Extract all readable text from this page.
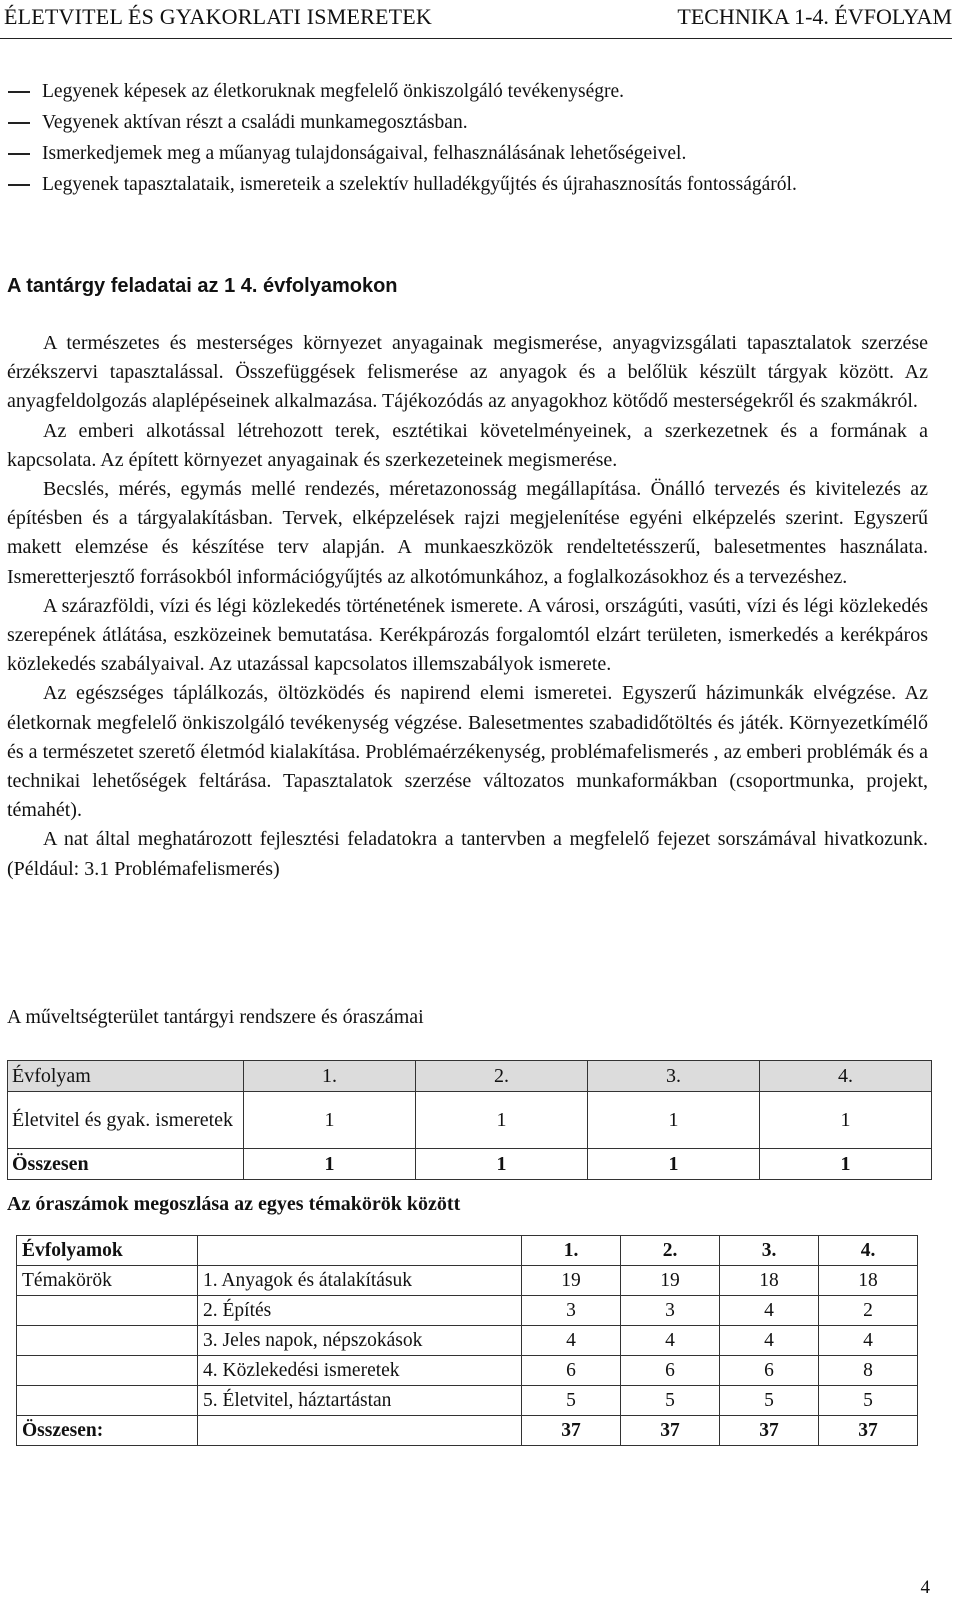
ÉLETVITEL ÉS GYAKORLATI ISMERETEK	TECHNIKA 1-4. ÉVFOLYAM
Legyenek képesek az életkoruknak megfelelő önkiszolgáló tevékenységre.
Vegyenek aktívan részt a családi munkamegosztásban.
Ismerkedjemek meg a műanyag tulajdonságaival, felhasználásának lehetőségeivel.
Legyenek tapasztalataik, ismereteik a szelektív hulladékgyűjtés és újrahasznosítás fontosságáról.
A tantárgy feladatai az 1 4. évfolyamokon

A természetes és mesterséges környezet anyagainak megismerése, anyagvizsgálati tapasztalatok szerzése érzékszervi tapasztalással. Összefüggések felismerése az anyagok és a belőlük készült tárgyak között. Az anyagfeldolgozás alaplépéseinek alkalmazása. Tájékozódás az anyagokhoz kötődő mesterségekről és szakmákról.

Az emberi alkotással létrehozott terek, esztétikai követelményeinek, a szerkezetnek és a formának a kapcsolata. Az épített környezet anyagainak és szerkezeteinek megismerése.

Becslés, mérés, egymás mellé rendezés, méretazonosság megállapítása. Önálló tervezés és kivitelezés az építésben és a tárgyalakításban. Tervek, elképzelések rajzi megjelenítése egyéni elképzelés szerint. Egyszerű makett elemzése és készítése terv alapján. A munkaeszközök rendeltetésszerű, balesetmentes használata. Ismeretterjesztő forrásokból információgyűjtés az alkotómunkához, a foglalkozásokhoz és a tervezéshez.

A szárazföldi, vízi és légi közlekedés történetének ismerete. A városi, országúti, vasúti, vízi és légi közlekedés szerepének átlátása, eszközeinek bemutatása. Kerékpározás forgalomtól elzárt területen, ismerkedés a kerékpáros közlekedés szabályaival. Az utazással kapcsolatos illemszabályok ismerete.

Az egészséges táplálkozás, öltözködés és napirend elemi ismeretei. Egyszerű házimunkák elvégzése. Az életkornak megfelelő önkiszolgáló tevékenység végzése. Balesetmentes szabadidőtöltés és játék. Környezetkímélő és a természetet szerető életmód kialakítása. Problémaérzékenység, problémafelismerés , az emberi problémák és a technikai lehetőségek feltárása. Tapasztalatok szerzése változatos munkaformákban (csoportmunka, projekt, témahét).

A nat által meghatározott fejlesztési feladatokra a tantervben a megfelelő fejezet sorszámával hivatkozunk. (Például: 3.1 Problémafelismerés)

A műveltségterület tantárgyi rendszere és óraszámai
Évfolyam	1.	2.	3.	4.
Életvitel és gyak. ismeretek	1	1	1	1
Összesen	1	1	1	1
Az óraszámok megoszlása az egyes témakörök között
Évfolyamok		1.	2.	3.	4.
Témakörök	1. Anyagok és átalakításuk	19	19	18	18
	2. Építés	3	3	4	2
	3. Jeles napok, népszokások	4	4	4	4
	4. Közlekedési ismeretek	6	6	6	8
	5. Életvitel, háztartástan	5	5	5	5
Összesen:		37	37	37	37
4
